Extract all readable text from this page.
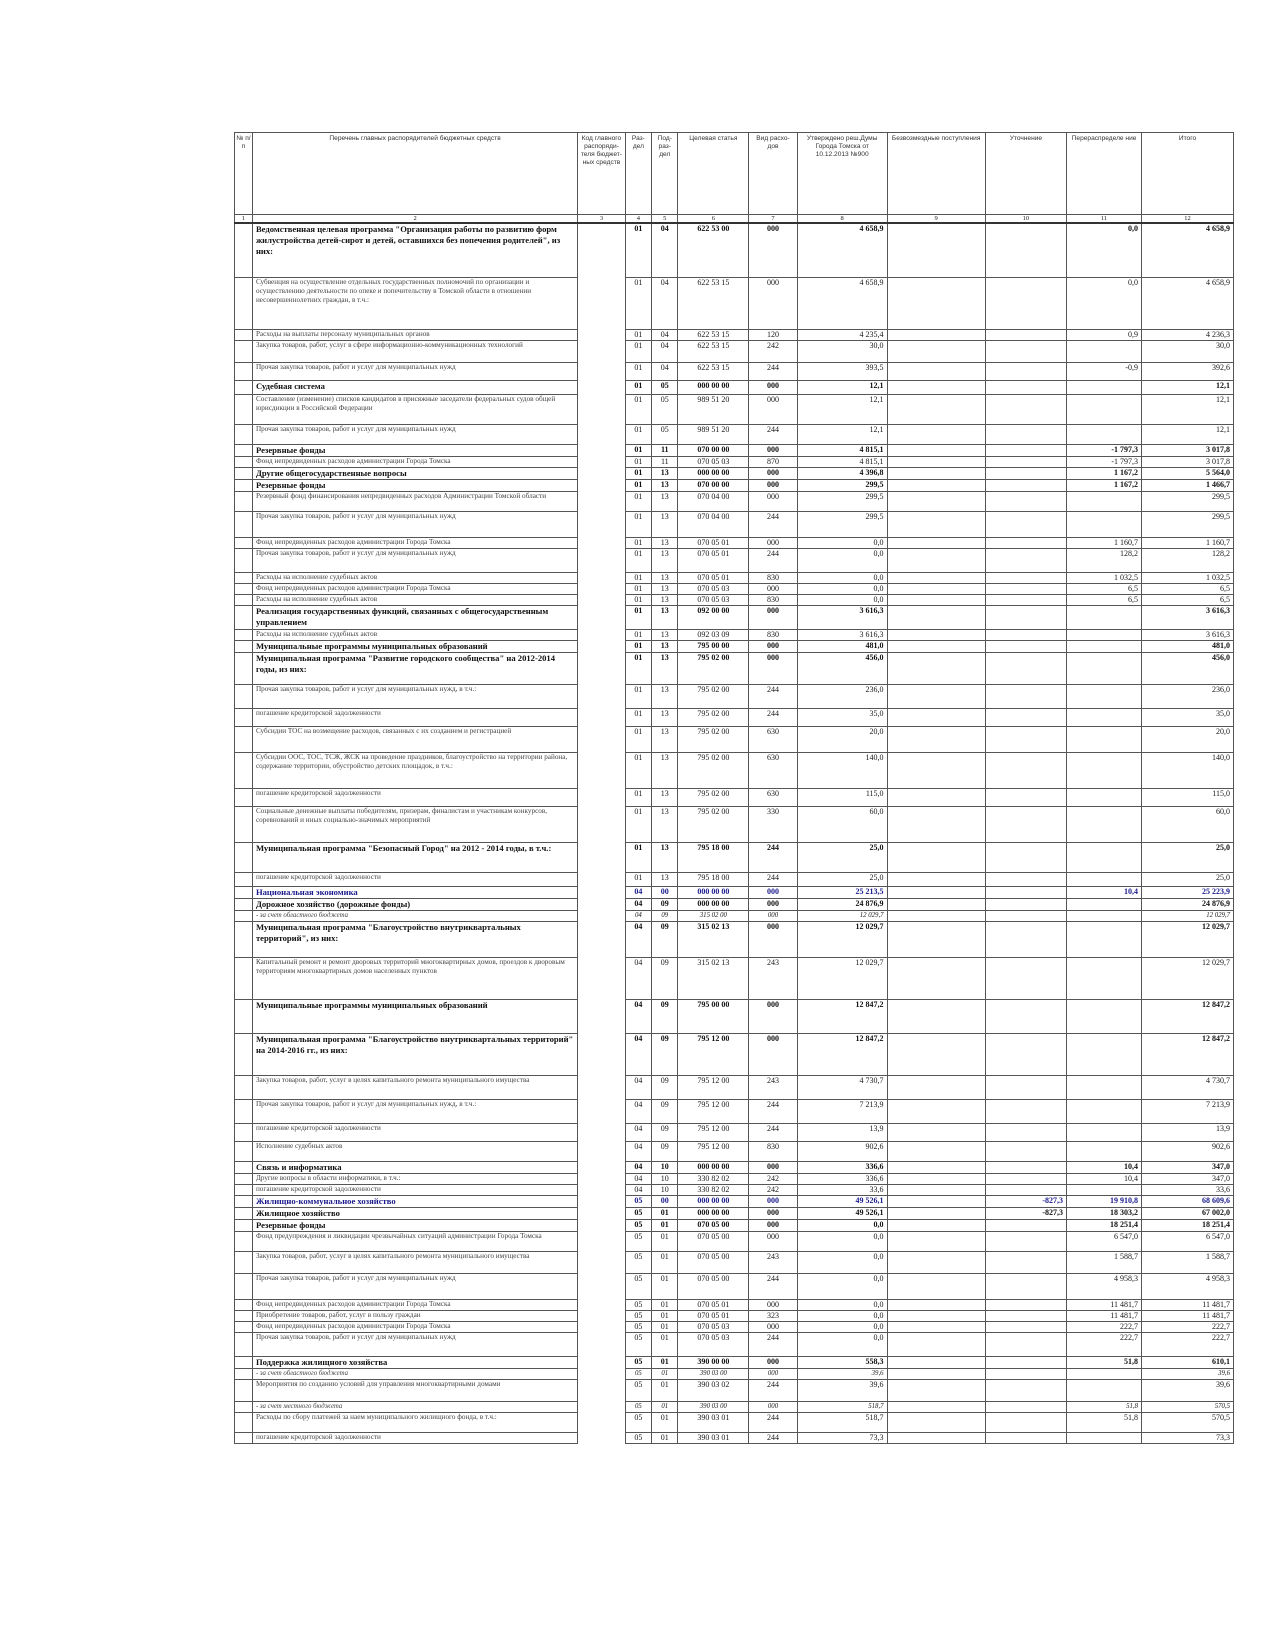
№ п/п	Перечень главных распорядителей бюджетных средств	Код главного распоряди- теля бюджет- ных средств	Раз- дел	Под- раз- дел	Целевая статья	Вид расхо- дов	Утверждено реш.Думы Города Томска от 10.12.2013 №900	Безвозмездные поступления	Уточнение	Перераспределе ние	Итого
1	2	3	4	5	6	7	8	9	10	11	12
	Ведомственная целевая программа "Организация работы по развитию форм жилустройства детей-сирот и детей, оставшихся без попечения родителей", из них:		01	04	622 53 00	000	4 658,9			0,0	4 658,9
	Субвенция на осуществление отдельных государственных полномочий по организации и осуществлению деятельности по опеке и попечительству в Томской области в отношении несовершеннолетних граждан, в т.ч.:		01	04	622 53 15	000	4 658,9			0,0	4 658,9
	Расходы на выплаты персоналу муниципальных органов		01	04	622 53 15	120	4 235,4			0,9	4 236,3
	Закупка товаров, работ, услуг в сфере информационно-коммуникационных технологий		01	04	622 53 15	242	30,0				30,0
	Прочая закупка товаров, работ и услуг для муниципальных нужд		01	04	622 53 15	244	393,5			-0,9	392,6
	Судебная система		01	05	000 00 00	000	12,1				12,1
	Составление (изменение) списков кандидатов в присяжные заседатели федеральных судов общей юрисдикции в Российской Федерации		01	05	989 51 20	000	12,1				12,1
	Прочая закупка товаров, работ и услуг для муниципальных нужд		01	05	989 51 20	244	12,1				12,1
	Резервные фонды		01	11	070 00 00	000	4 815,1			-1 797,3	3 017,8
	Фонд непредвиденных расходов администрации Города Томска		01	11	070 05 03	870	4 815,1			-1 797,3	3 017,8
	Другие общегосударственные вопросы		01	13	000 00 00	000	4 396,8			1 167,2	5 564,0
	Резервные фонды		01	13	070 00 00	000	299,5			1 167,2	1 466,7
	Резервный фонд финансирования непредвиденных расходов Администрации Томской области		01	13	070 04 00	000	299,5				299,5
	Прочая закупка товаров, работ и услуг для муниципальных нужд		01	13	070 04 00	244	299,5				299,5
	Фонд непредвиденных расходов администрации Города Томска		01	13	070 05 01	000	0,0			1 160,7	1 160,7
	Прочая закупка товаров, работ и услуг для муниципальных нужд		01	13	070 05 01	244	0,0			128,2	128,2
	Расходы на исполнение судебных актов		01	13	070 05 01	830	0,0			1 032,5	1 032,5
	Фонд непредвиденных расходов администрации Города Томска		01	13	070 05 03	000	0,0			6,5	6,5
	Расходы на исполнение судебных актов		01	13	070 05 03	830	0,0			6,5	6,5
	Реализация государственных функций, связанных с общегосударственным управлением		01	13	092 00 00	000	3 616,3				3 616,3
	Расходы на исполнение судебных актов		01	13	092 03 09	830	3 616,3				3 616,3
	Муниципальные программы муниципальных образований		01	13	795 00 00	000	481,0				481,0
	Муниципальная программа "Развитие городского сообщества" на 2012-2014 годы, из них:		01	13	795 02 00	000	456,0				456,0
	Прочая закупка товаров, работ и услуг для муниципальных нужд, в т.ч.:		01	13	795 02 00	244	236,0				236,0
	погашение кредиторской задолженности		01	13	795 02 00	244	35,0				35,0
	Субсидии ТОС на возмещение расходов, связанных с их созданием и регистрацией		01	13	795 02 00	630	20,0				20,0
	Субсидии ООС, ТОС, ТСЖ, ЖСК на проведение праздников, благоустройство на территории района, содержание территории, обустройство детских площадок, в т.ч.:		01	13	795 02 00	630	140,0				140,0
	погашение кредиторской задолженности		01	13	795 02 00	630	115,0				115,0
	Социальные денежные выплаты победителям, призерам, финалистам и участникам конкурсов, соревнований и иных социально-значимых мероприятий		01	13	795 02 00	330	60,0				60,0
	Муниципальная программа "Безопасный Город" на 2012 - 2014 годы, в т.ч.:		01	13	795 18 00	244	25,0				25,0
	погашение кредиторской задолженности		01	13	795 18 00	244	25,0				25,0
	Национальная экономика		04	00	000 00 00	000	25 213,5			10,4	25 223,9
	Дорожное хозяйство (дорожные фонды)		04	09	000 00 00	000	24 876,9				24 876,9
	- за счет областного бюджета		04	09	315 02 00	000	12 029,7				12 029,7
	Муниципальная программа "Благоустройство внутриквартальных территорий", из них:		04	09	315 02 13	000	12 029,7				12 029,7
	Капитальный ремонт и ремонт дворовых территорий многоквартирных домов, проездов к дворовым территориям многоквартирных домов населенных пунктов		04	09	315 02 13	243	12 029,7				12 029,7
	Муниципальные программы муниципальных образований		04	09	795 00 00	000	12 847,2				12 847,2
	Муниципальная программа "Благоустройство внутриквартальных территорий" на 2014-2016 гг., из них:		04	09	795 12 00	000	12 847,2				12 847,2
	Закупка товаров, работ, услуг в целях капитального ремонта муниципального имущества		04	09	795 12 00	243	4 730,7				4 730,7
	Прочая закупка товаров, работ и услуг для муниципальных нужд, в т.ч.:		04	09	795 12 00	244	7 213,9				7 213,9
	погашение кредиторской задолженности		04	09	795 12 00	244	13,9				13,9
	Исполнение судебных актов		04	09	795 12 00	830	902,6				902,6
	Связь и информатика		04	10	000 00 00	000	336,6			10,4	347,0
	Другие вопросы в области информатики, в т.ч.:		04	10	330 82 02	242	336,6			10,4	347,0
	погашение кредиторской задолженности		04	10	330 82 02	242	33,6				33,6
	Жилищно-коммунальное хозяйство		05	00	000 00 00	000	49 526,1		-827,3	19 910,8	68 609,6
	Жилищное хозяйство		05	01	000 00 00	000	49 526,1		-827,3	18 303,2	67 002,0
	Резервные фонды		05	01	070 05 00	000	0,0			18 251,4	18 251,4
	Фонд предупреждения и ликвидации чрезвычайных ситуаций администрации Города Томска		05	01	070 05 00	000	0,0			6 547,0	6 547,0
	Закупка товаров, работ, услуг в целях капитального ремонта муниципального имущества		05	01	070 05 00	243	0,0			1 588,7	1 588,7
	Прочая закупка товаров, работ и услуг для муниципальных нужд		05	01	070 05 00	244	0,0			4 958,3	4 958,3
	Фонд непредвиденных расходов администрации Города Томска		05	01	070 05 01	000	0,0			11 481,7	11 481,7
	Приобретение товаров, работ, услуг в пользу граждан		05	01	070 05 01	323	0,0			11 481,7	11 481,7
	Фонд непредвиденных расходов администрации Города Томска		05	01	070 05 03	000	0,0			222,7	222,7
	Прочая закупка товаров, работ и услуг для муниципальных нужд		05	01	070 05 03	244	0,0			222,7	222,7
	Поддержка жилищного хозяйства		05	01	390 00 00	000	558,3			51,8	610,1
	- за счет областного бюджета		05	01	390 03 00	000	39,6				39,6
	Мероприятия по созданию условий для управления многоквартирными домами		05	01	390 03 02	244	39,6				39,6
	- за счет местного бюджета		05	01	390 03 00	000	518,7			51,8	570,5
	Расходы по сбору платежей за наем муниципального жилищного фонда, в т.ч.:		05	01	390 03 01	244	518,7			51,8	570,5
	погашение кредиторской задолженности		05	01	390 03 01	244	73,3				73,3
